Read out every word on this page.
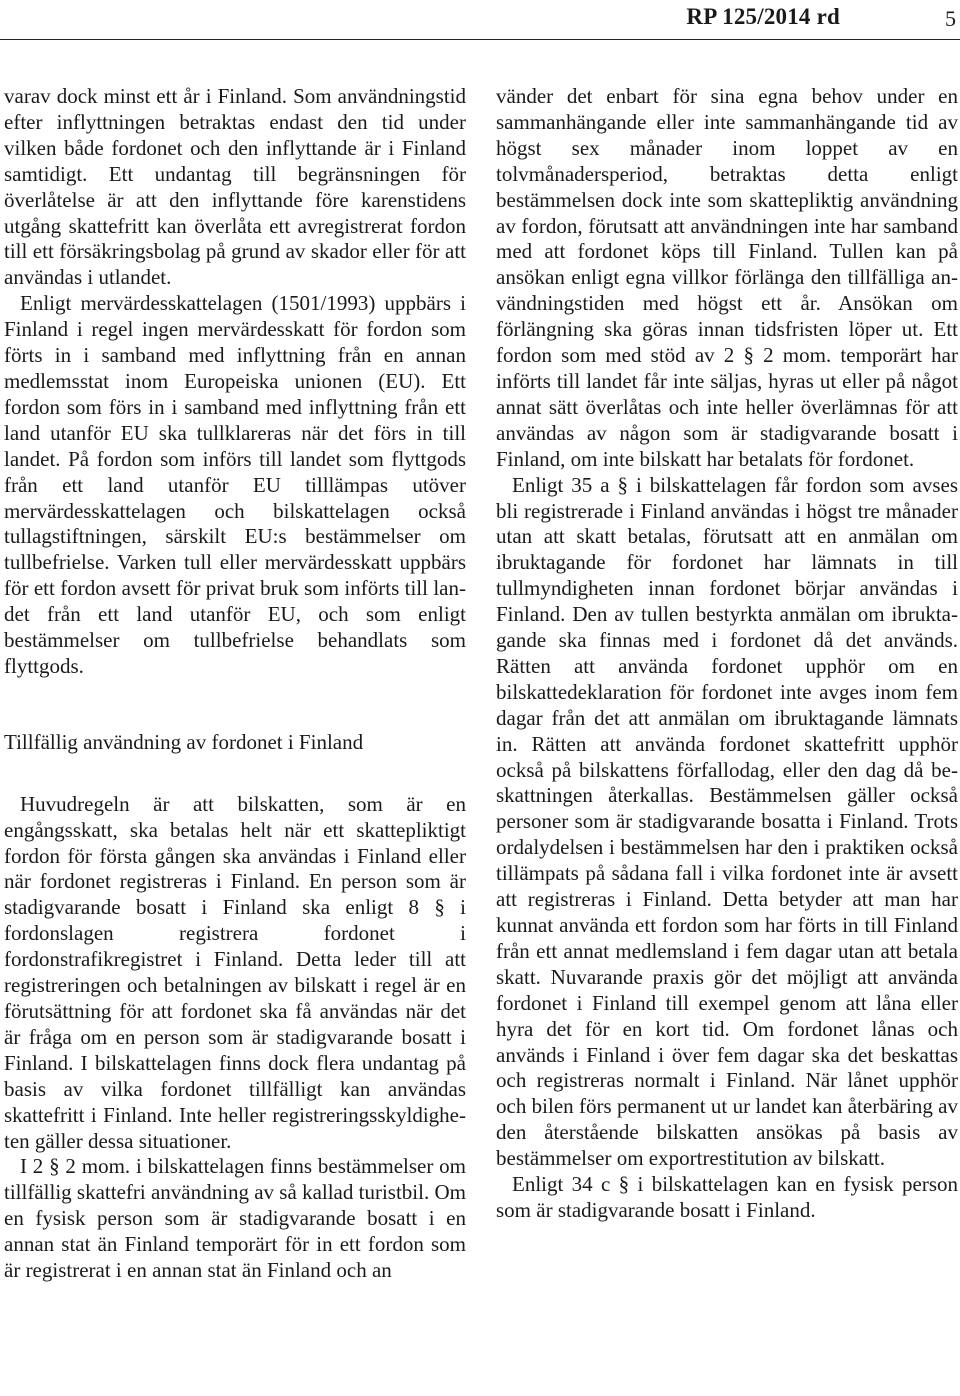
RP 125/2014 rd	5

varav dock minst ett år i Finland. Som användningstid efter inflyttningen betraktas endast den tid under vilken både fordonet och den inflyttande är i Finland samtidigt. Ett undantag till begränsningen för överlåtelse är att den inflyttande före karenstidens utgång skattefritt kan överlåta ett avregistrerat fordon till ett försäkringsbolag på grund av skador eller för att användas i utlandet.

Enligt mervärdesskattelagen (1501/1993) uppbärs i Finland i regel ingen mervärdesskatt för fordon som förts in i samband med inflyttning från en annan medlemsstat inom Europeiska unionen (EU). Ett fordon som förs in i samband med inflyttning från ett land utanför EU ska tullklareras när det förs in till landet. På fordon som införs till landet som flyttgods från ett land utanför EU tilllämpas utöver mervärdesskattelagen och bilskattelagen också tullagstiftningen, särskilt EU:s bestämmelser om tullbefrielse. Varken tull eller mervärdesskatt uppbärs för ett fordon avsett för privat bruk som införts till landet från ett land utanför EU, och som enligt bestämmelser om tullbefrielse behandlats som flyttgods.

Tillfällig användning av fordonet i Finland

Huvudregeln är att bilskatten, som är en engångsskatt, ska betalas helt när ett skattepliktigt fordon för första gången ska användas i Finland eller när fordonet registreras i Finland. En person som är stadigvarande bosatt i Finland ska enligt 8 § i fordonslagen registrera fordonet i fordonstrafikregistret i Finland. Detta leder till att registreringen och betalningen av bilskatt i regel är en förutsättning för att fordonet ska få användas när det är fråga om en person som är stadigvarande bosatt i Finland. I bilskattelagen finns dock flera undantag på basis av vilka fordonet tillfälligt kan användas skattefritt i Finland. Inte heller registreringsskyldigheten gäller dessa situationer.

I 2 § 2 mom. i bilskattelagen finns bestämmelser om tillfällig skattefri användning av så kallad turistbil. Om en fysisk person som är stadigvarande bosatt i en annan stat än Finland temporärt för in ett fordon som är registrerat i en annan stat än Finland och an

vänder det enbart för sina egna behov under en sammanhängande eller inte sammanhängande tid av högst sex månader inom loppet av en tolvmånadersperiod, betraktas detta enligt bestämmelsen dock inte som skattepliktig användning av fordon, förutsatt att användningen inte har samband med att fordonet köps till Finland. Tullen kan på ansökan enligt egna villkor förlänga den tillfälliga användningstiden med högst ett år. Ansökan om förlängning ska göras innan tidsfristen löper ut. Ett fordon som med stöd av 2 § 2 mom. temporärt har införts till landet får inte säljas, hyras ut eller på något annat sätt överlåtas och inte heller överlämnas för att användas av någon som är stadigvarande bosatt i Finland, om inte bilskatt har betalats för fordonet.

Enligt 35 a § i bilskattelagen får fordon som avses bli registrerade i Finland användas i högst tre månader utan att skatt betalas, förutsatt att en anmälan om ibruktagande för fordonet har lämnats in till tullmyndigheten innan fordonet börjar användas i Finland. Den av tullen bestyrkta anmälan om ibruktagande ska finnas med i fordonet då det används. Rätten att använda fordonet upphör om en bilskattedeklaration för fordonet inte avges inom fem dagar från det att anmälan om ibruktagande lämnats in. Rätten att använda fordonet skattefritt upphör också på bilskattens förfallodag, eller den dag då beskattningen återkallas. Bestämmelsen gäller också personer som är stadigvarande bosatta i Finland. Trots ordalydelsen i bestämmelsen har den i praktiken också tillämpats på sådana fall i vilka fordonet inte är avsett att registreras i Finland. Detta betyder att man har kunnat använda ett fordon som har förts in till Finland från ett annat medlemsland i fem dagar utan att betala skatt. Nuvarande praxis gör det möjligt att använda fordonet i Finland till exempel genom att låna eller hyra det för en kort tid. Om fordonet lånas och används i Finland i över fem dagar ska det beskattas och registreras normalt i Finland. När lånet upphör och bilen förs permanent ut ur landet kan återbäring av den återstående bilskatten ansökas på basis av bestämmelser om exportrestitution av bilskatt.

Enligt 34 c § i bilskattelagen kan en fysisk person som är stadigvarande bosatt i Finland.
